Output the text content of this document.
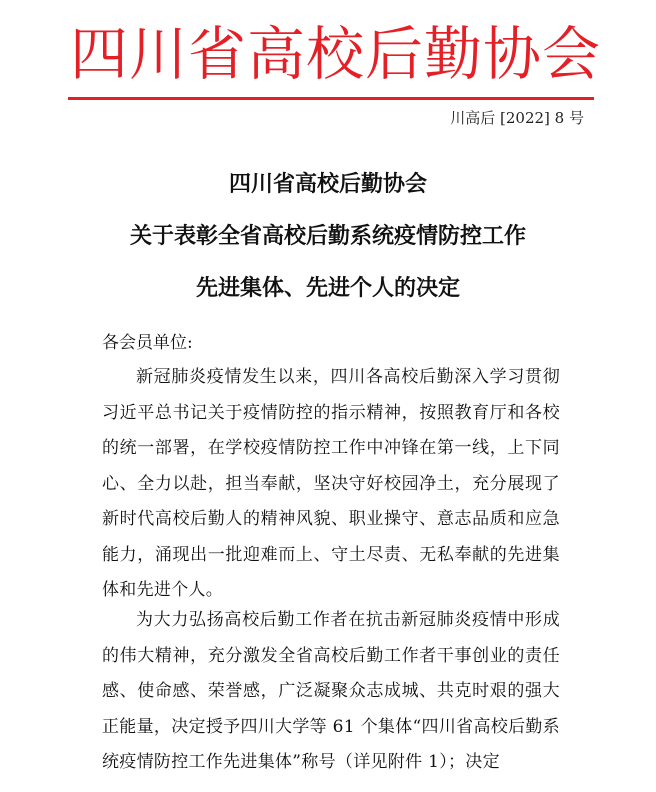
四川省高校后勤协会
川高后 [2022] 8 号
四川省高校后勤协会
关于表彰全省高校后勤系统疫情防控工作
先进集体、先进个人的决定
各会员单位:

新冠肺炎疫情发生以来，四川各高校后勤深入学习贯彻习近平总书记关于疫情防控的指示精神，按照教育厅和各校的统一部署，在学校疫情防控工作中冲锋在第一线，上下同心、全力以赴，担当奉献，坚决守好校园净土，充分展现了新时代高校后勤人的精神风貌、职业操守、意志品质和应急能力，涌现出一批迎难而上、守土尽责、无私奉献的先进集体和先进个人。

为大力弘扬高校后勤工作者在抗击新冠肺炎疫情中形成的伟大精神，充分激发全省高校后勤工作者干事创业的责任感、使命感、荣誉感，广泛凝聚众志成城、共克时艰的强大正能量，决定授予四川大学等 61 个集体“四川省高校后勤系统疫情防控工作先进集体”称号（详见附件 1）；决定
